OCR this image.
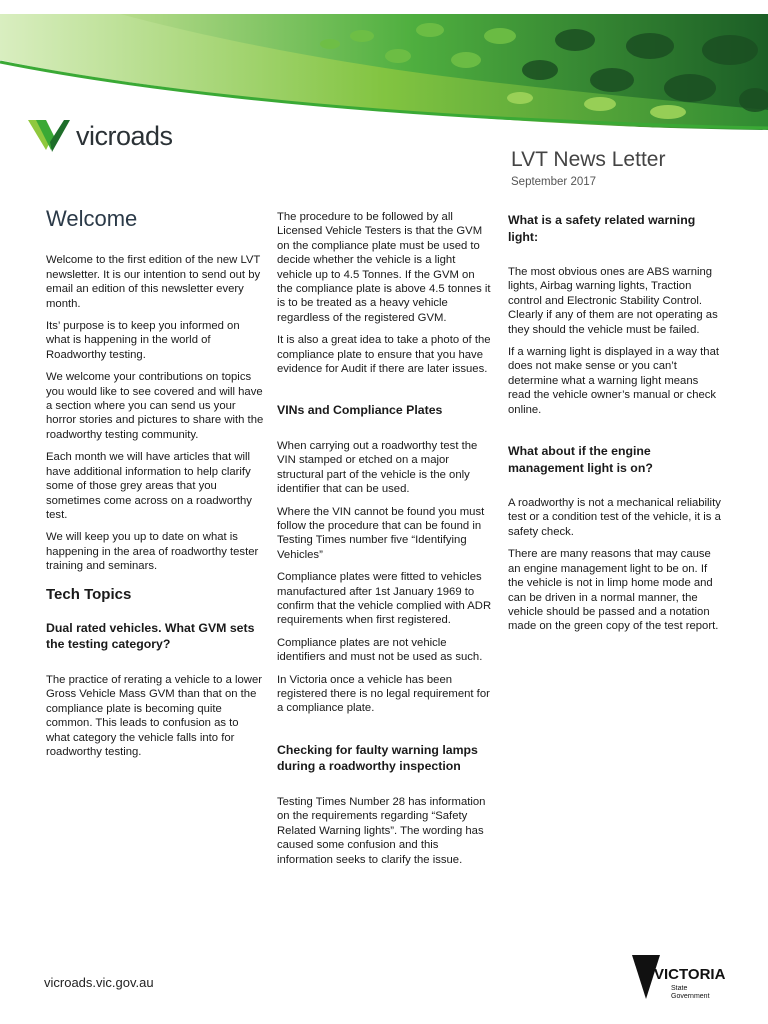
vicroads
LVT News Letter
September 2017
Welcome

Welcome to the first edition of the new LVT newsletter. It is our intention to send out by email an edition of this newsletter every month.

Its’ purpose is to keep you informed on what is happening in the world of Roadworthy testing.

We welcome your contributions on topics you would like to see covered and will have a section where you can send us your horror stories and pictures to share with the roadworthy testing community.

Each month we will have articles that will have additional information to help clarify some of those grey areas that you sometimes come across on a roadworthy test.

We will keep you up to date on what is happening in the area of roadworthy tester training and seminars.

Tech Topics
Dual rated vehicles. What GVM sets the testing category?

The practice of rerating a vehicle to a lower Gross Vehicle Mass GVM than that on the compliance plate is becoming quite common. This leads to confusion as to what category the vehicle falls into for roadworthy testing.

The procedure to be followed by all Licensed Vehicle Testers is that the GVM on the compliance plate must be used to decide whether the vehicle is a light vehicle up to 4.5 Tonnes. If the GVM on the compliance plate is above 4.5 tonnes it is to be treated as a heavy vehicle regardless of the registered GVM.

It is also a great idea to take a photo of the compliance plate to ensure that you have evidence for Audit if there are later issues.

VINs and Compliance Plates

When carrying out a roadworthy test the VIN stamped or etched on a major structural part of the vehicle is the only identifier that can be used.

Where the VIN cannot be found you must follow the procedure that can be found in Testing Times number five “Identifying Vehicles”

Compliance plates were fitted to vehicles manufactured after 1st January 1969 to confirm that the vehicle complied with ADR requirements when first registered.

Compliance plates are not vehicle identifiers and must not be used as such.

In Victoria once a vehicle has been registered there is no legal requirement for a compliance plate.

Checking for faulty warning lamps during a roadworthy inspection

Testing Times Number 28 has information on the requirements regarding “Safety Related Warning lights”. The wording has caused some confusion and this information seeks to clarify the issue.

What is a safety related warning light:

The most obvious ones are ABS warning lights, Airbag warning lights, Traction control and Electronic Stability Control. Clearly if any of them are not operating as they should the vehicle must be failed.

If a warning light is displayed in a way that does not make sense or you can’t determine what a warning light means read the vehicle owner’s manual or check online.

What about if the engine management light is on?

A roadworthy is not a mechanical reliability test or a condition test of the vehicle, it is a safety check.

There are many reasons that may cause an engine management light to be on. If the vehicle is not in limp home mode and can be driven in a normal manner, the vehicle should be passed and a notation made on the green copy of the test report.

vicroads.vic.gov.au	VICTORIA
State
Government
